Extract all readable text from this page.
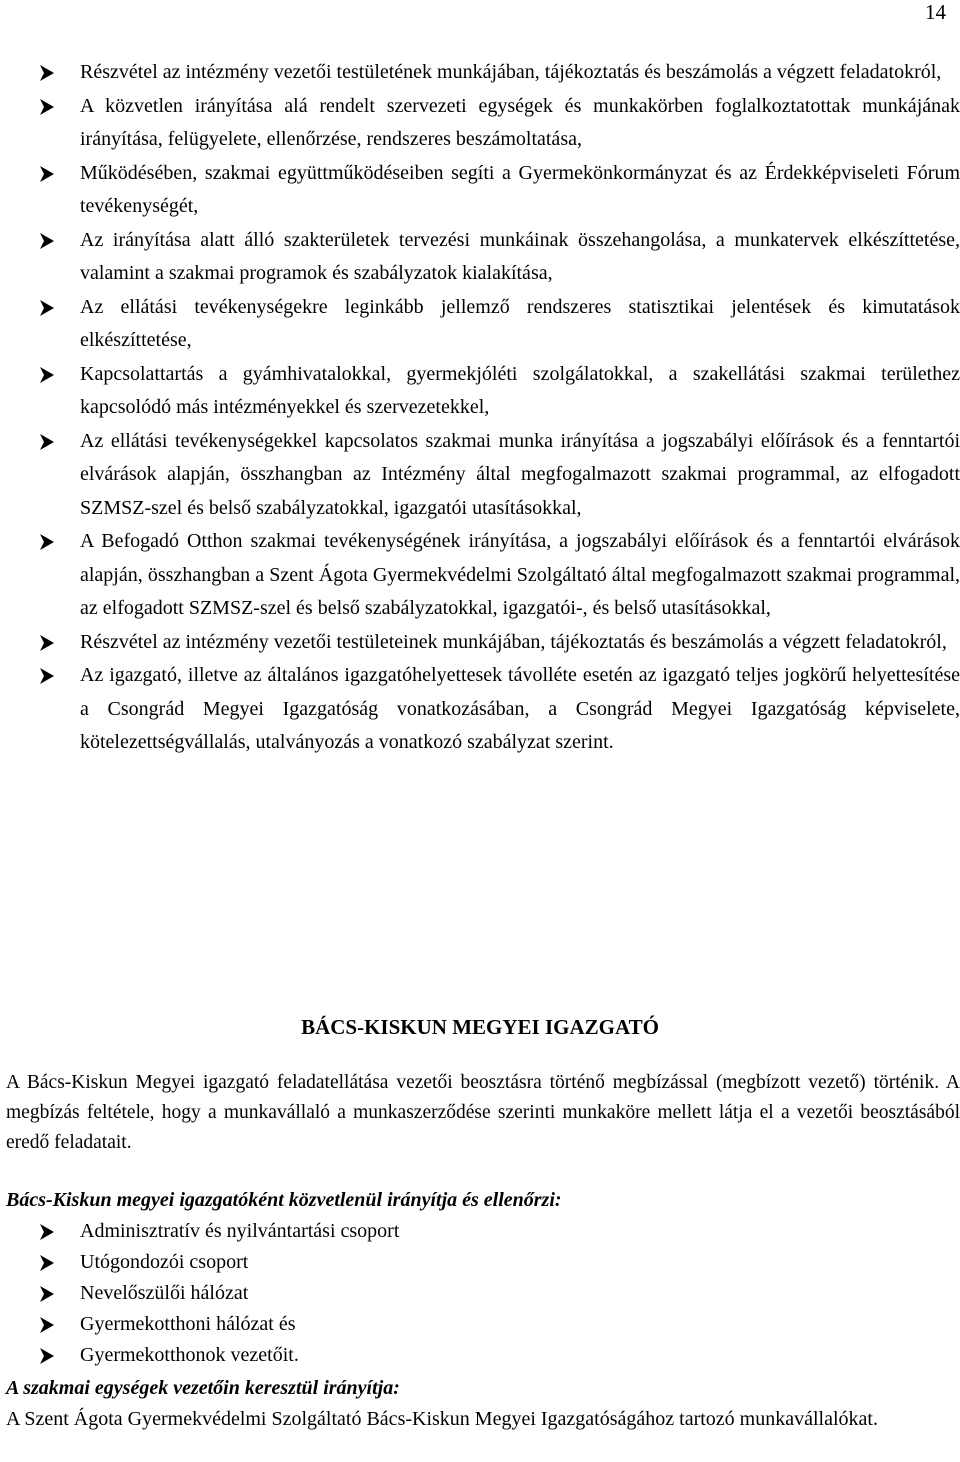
14
Részvétel az intézmény vezetői testületének munkájában, tájékoztatás és beszámolás a végzett feladatokról,
A közvetlen irányítása alá rendelt szervezeti egységek és munkakörben foglalkoztatottak munkájának irányítása, felügyelete, ellenőrzése, rendszeres beszámoltatása,
Működésében, szakmai együttműködéseiben segíti a Gyermekönkormányzat és az Érdekképviseleti Fórum tevékenységét,
Az irányítása alatt álló szakterületek tervezési munkáinak összehangolása, a munkatervek elkészíttetése, valamint a szakmai programok és szabályzatok kialakítása,
Az ellátási tevékenységekre leginkább jellemző rendszeres statisztikai jelentések és kimutatások elkészíttetése,
Kapcsolattartás a gyámhivatalokkal, gyermekjóléti szolgálatokkal, a szakellátási szakmai területhez kapcsolódó más intézményekkel és szervezetekkel,
Az ellátási tevékenységekkel kapcsolatos szakmai munka irányítása a jogszabályi előírások és a fenntartói elvárások alapján, összhangban az Intézmény által megfogalmazott szakmai programmal, az elfogadott SZMSZ-szel és belső szabályzatokkal, igazgatói utasításokkal,
A Befogadó Otthon szakmai tevékenységének irányítása, a jogszabályi előírások és a fenntartói elvárások alapján, összhangban a Szent Ágota Gyermekvédelmi Szolgáltató által megfogalmazott szakmai programmal, az elfogadott SZMSZ-szel és belső szabályzatokkal, igazgatói-, és belső utasításokkal,
Részvétel az intézmény vezetői testületeinek munkájában, tájékoztatás és beszámolás a végzett feladatokról,
Az igazgató, illetve az általános igazgatóhelyettesek távolléte esetén az igazgató teljes jogkörű helyettesítése a Csongrád Megyei Igazgatóság vonatkozásában, a Csongrád Megyei Igazgatóság képviselete, kötelezettségvállalás, utalványozás a vonatkozó szabályzat szerint.
BÁCS-KISKUN MEGYEI IGAZGATÓ

A Bács-Kiskun Megyei igazgató feladatellátása vezetői beosztásra történő megbízással (megbízott vezető) történik. A megbízás feltétele, hogy a munkavállaló a munkaszerződése szerinti munkaköre mellett látja el a vezetői beosztásából eredő feladatait.

Bács-Kiskun megyei igazgatóként közvetlenül irányítja és ellenőrzi:
Adminisztratív és nyilvántartási csoport
Utógondozói csoport
Nevelőszülői hálózat
Gyermekotthoni hálózat és
Gyermekotthonok vezetőit.
A szakmai egységek vezetőin keresztül irányítja:

A Szent Ágota Gyermekvédelmi Szolgáltató Bács-Kiskun Megyei Igazgatóságához tartozó munkavállalókat.
